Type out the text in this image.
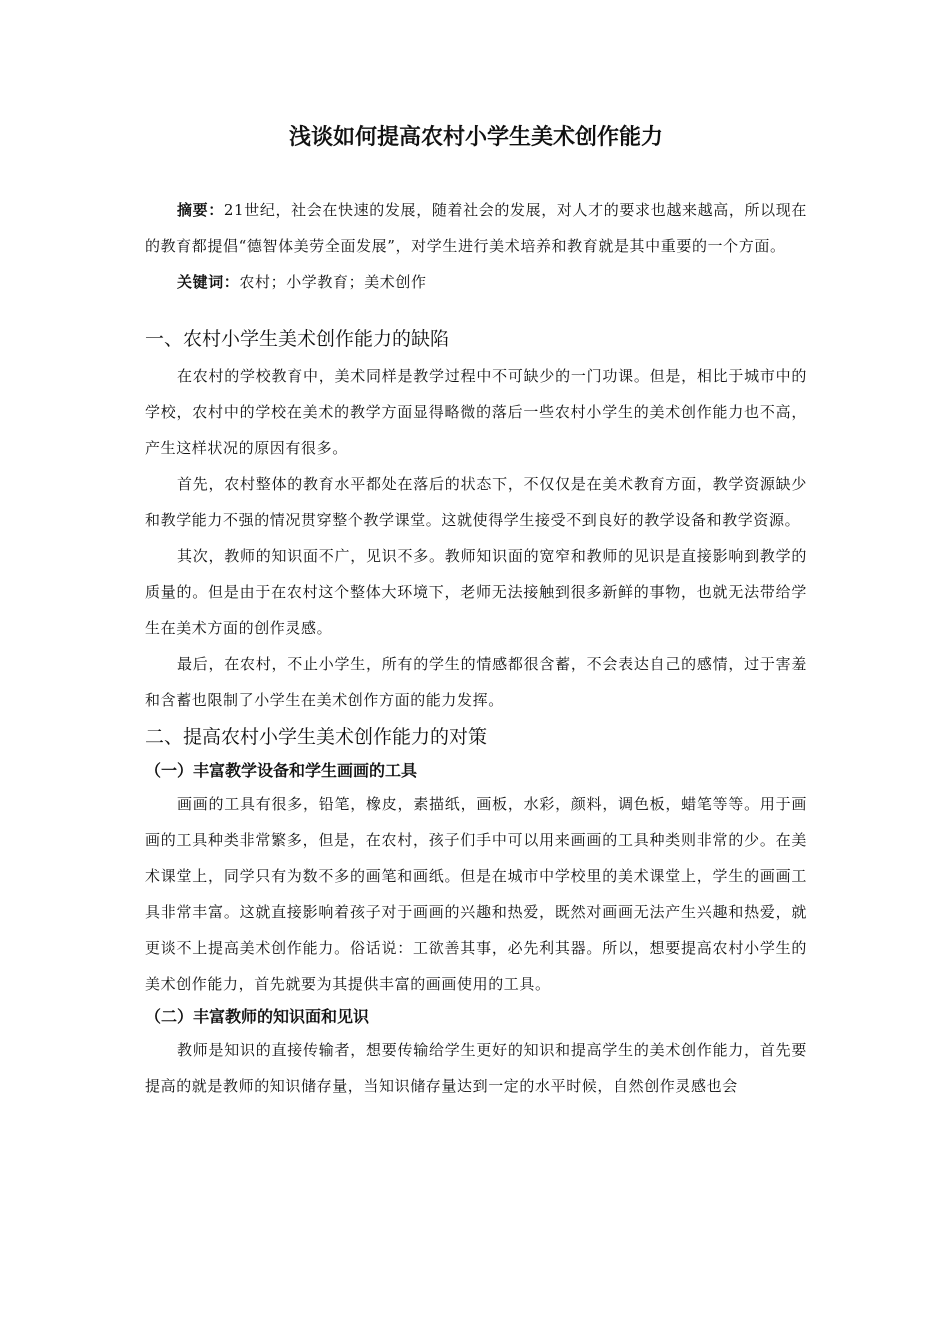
浅谈如何提高农村小学生美术创作能力

摘要：21世纪，社会在快速的发展，随着社会的发展，对人才的要求也越来越高，所以现在的教育都提倡“德智体美劳全面发展”，对学生进行美术培养和教育就是其中重要的一个方面。

关键词：农村；小学教育；美术创作

一、农村小学生美术创作能力的缺陷

在农村的学校教育中，美术同样是教学过程中不可缺少的一门功课。但是，相比于城市中的学校，农村中的学校在美术的教学方面显得略微的落后一些农村小学生的美术创作能力也不高，产生这样状况的原因有很多。

首先，农村整体的教育水平都处在落后的状态下，不仅仅是在美术教育方面，教学资源缺少和教学能力不强的情况贯穿整个教学课堂。这就使得学生接受不到良好的教学设备和教学资源。

其次，教师的知识面不广，见识不多。教师知识面的宽窄和教师的见识是直接影响到教学的质量的。但是由于在农村这个整体大环境下，老师无法接触到很多新鲜的事物，也就无法带给学生在美术方面的创作灵感。

最后，在农村，不止小学生，所有的学生的情感都很含蓄，不会表达自己的感情，过于害羞和含蓄也限制了小学生在美术创作方面的能力发挥。

二、提高农村小学生美术创作能力的对策
（一）丰富教学设备和学生画画的工具

画画的工具有很多，铅笔，橡皮，素描纸，画板，水彩，颜料，调色板，蜡笔等等。用于画画的工具种类非常繁多，但是，在农村，孩子们手中可以用来画画的工具种类则非常的少。在美术课堂上，同学只有为数不多的画笔和画纸。但是在城市中学校里的美术课堂上，学生的画画工具非常丰富。这就直接影响着孩子对于画画的兴趣和热爱，既然对画画无法产生兴趣和热爱，就更谈不上提高美术创作能力。俗话说：工欲善其事，必先利其器。所以，想要提高农村小学生的美术创作能力，首先就要为其提供丰富的画画使用的工具。

（二）丰富教师的知识面和见识

教师是知识的直接传输者，想要传输给学生更好的知识和提高学生的美术创作能力，首先要提高的就是教师的知识储存量，当知识储存量达到一定的水平时候，自然创作灵感也会
